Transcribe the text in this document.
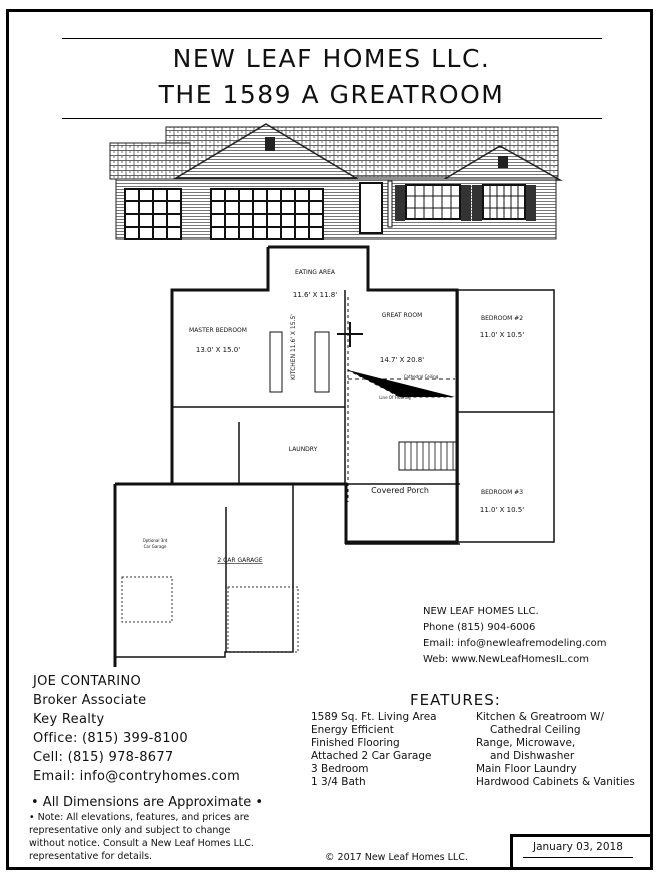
NEW LEAF HOMES LLC.
THE 1589 A GREATROOM
EATING AREA
11.6' X 11.8'
MASTER BEDROOM
13.0' X 15.0'	KITCHEN 11.6' X 15.5'	GREAT ROOM
14.7' X 20.8'
Cathedral Ceiling
Line Of Flooring
BEDROOM #2
11.0' X 10.5'
BEDROOM #3
11.0' X 10.5'
LAUNDRY
Covered Porch
2 CAR GARAGE
Optional 3rd
Car Garage
NEW LEAF HOMES LLC.
Phone (815) 904-6006
Email: info@newleafremodeling.com
Web: www.NewLeafHomesIL.com
JOE CONTARINO
Broker Associate
Key Realty
Office: (815) 399-8100
Cell: (815) 978-8677
Email: info@contryhomes.com
FEATURES:
1589 Sq. Ft. Living Area
Energy Efficient
Finished Flooring
Attached 2 Car Garage
3 Bedroom
1 3/4 Bath
Kitchen & Greatroom W/
Cathedral Ceiling
Range, Microwave,
and Dishwasher
Main Floor Laundry
Hardwood Cabinets & Vanities
• All Dimensions are Approximate •
• Note: All elevations, features, and prices are
representative only and subject to change
without notice. Consult a New Leaf Homes LLC.
representative for details.	© 2017 New Leaf Homes LLC.
January 03, 2018
